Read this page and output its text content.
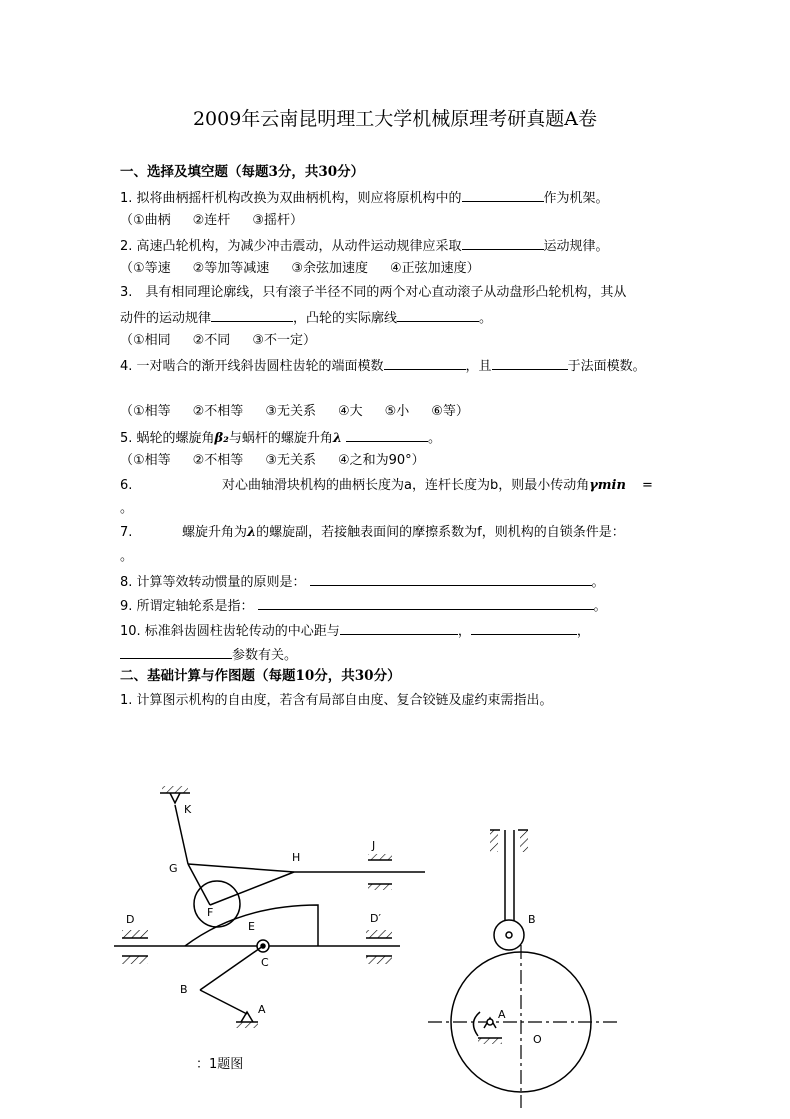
2009年云南昆明理工大学机械原理考研真题A卷
一、选择及填空题（每题3分，共30分）
1. 拟将曲柄摇杆机构改换为双曲柄机构，则应将原机构中的	作为机架。
（①曲柄 ②连杆 ③摇杆）
2. 高速凸轮机构，为减少冲击震动，从动件运动规律应采取	运动规律。
（①等速 ②等加等减速 ③余弦加速度 ④正弦加速度）
3.　具有相同理论廓线，只有滚子半径不同的两个对心直动滚子从动盘形凸轮机构，其从
动件的运动规律	，凸轮的实际廓线	。
（①相同 ②不同 ③不一定）
4. 一对啮合的渐开线斜齿圆柱齿轮的端面模数	，且	于法面模数。
（①相等 ②不相等 ③无关系 ④大 ⑤小 ⑥等）
5. 蜗轮的螺旋角β₂与蜗杆的螺旋升角λ	。
（①相等 ②不相等 ③无关系 ④之和为90°）
6.	对心曲轴滑块机构的曲柄长度为a，连杆长度为b，则最小传动角γmin =
。
7.	螺旋升角为λ的螺旋副，若接触表面间的摩擦系数为f，则机构的自锁条件是：
。
8. 计算等效转动惯量的原则是：	。
9. 所谓定轴轮系是指：	。
10. 标准斜齿圆柱齿轮传动的中心距与	，	，
参数有关。
二、基础计算与作图题（每题10分，共30分）
1. 计算图示机构的自由度，若含有局部自由度、复合铰链及虚约束需指出。
K
G
H
J
F
D	D′
E
C
B
A
B
A
O
：1题图
